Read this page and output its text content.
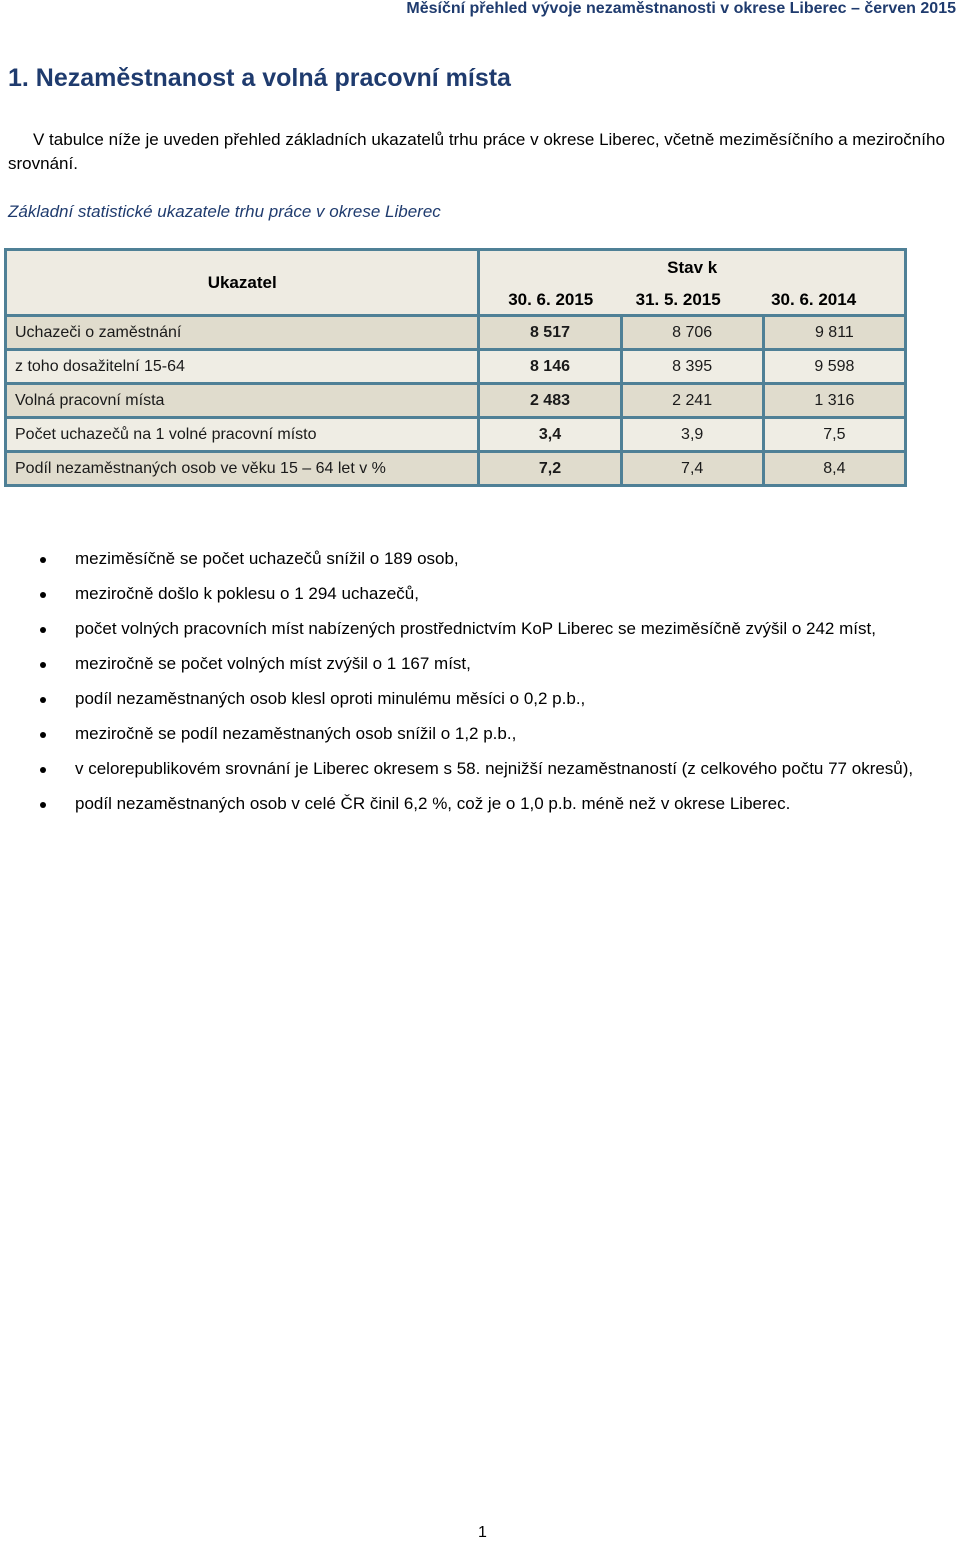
Měsíční přehled vývoje nezaměstnanosti v okrese Liberec – červen 2015
1. Nezaměstnanost a volná pracovní místa

V tabulce níže je uveden přehled základních ukazatelů trhu práce v okrese Liberec, včetně meziměsíčního a meziročního srovnání.

Základní statistické ukazatele trhu práce v okrese Liberec

Ukazatel	Stav k		
	30. 6. 2015	31. 5. 2015	30. 6. 2014
Uchazeči o zaměstnání	8 517	8 706	9 811
z toho dosažitelní 15-64	8 146	8 395	9 598
Volná pracovní místa	2 483	2 241	1 316
Počet uchazečů na 1 volné pracovní místo	3,4	3,9	7,5
Podíl nezaměstnaných osob ve věku 15 – 64 let v %	7,2	7,4	8,4
meziměsíčně se počet uchazečů snížil o 189 osob,
meziročně došlo k poklesu o 1 294 uchazečů,
počet volných pracovních míst nabízených prostřednictvím KoP Liberec se meziměsíčně zvýšil o 242 míst,
meziročně se počet volných míst zvýšil o 1 167 míst,
podíl nezaměstnaných osob klesl oproti minulému měsíci o 0,2 p.b.,
meziročně se podíl nezaměstnaných osob snížil o 1,2 p.b.,
v celorepublikovém srovnání je Liberec okresem s 58. nejnižší nezaměstnaností (z celkového počtu 77 okresů),
podíl nezaměstnaných osob v celé ČR činil 6,2 %, což je o 1,0 p.b. méně než v okrese Liberec.
1
